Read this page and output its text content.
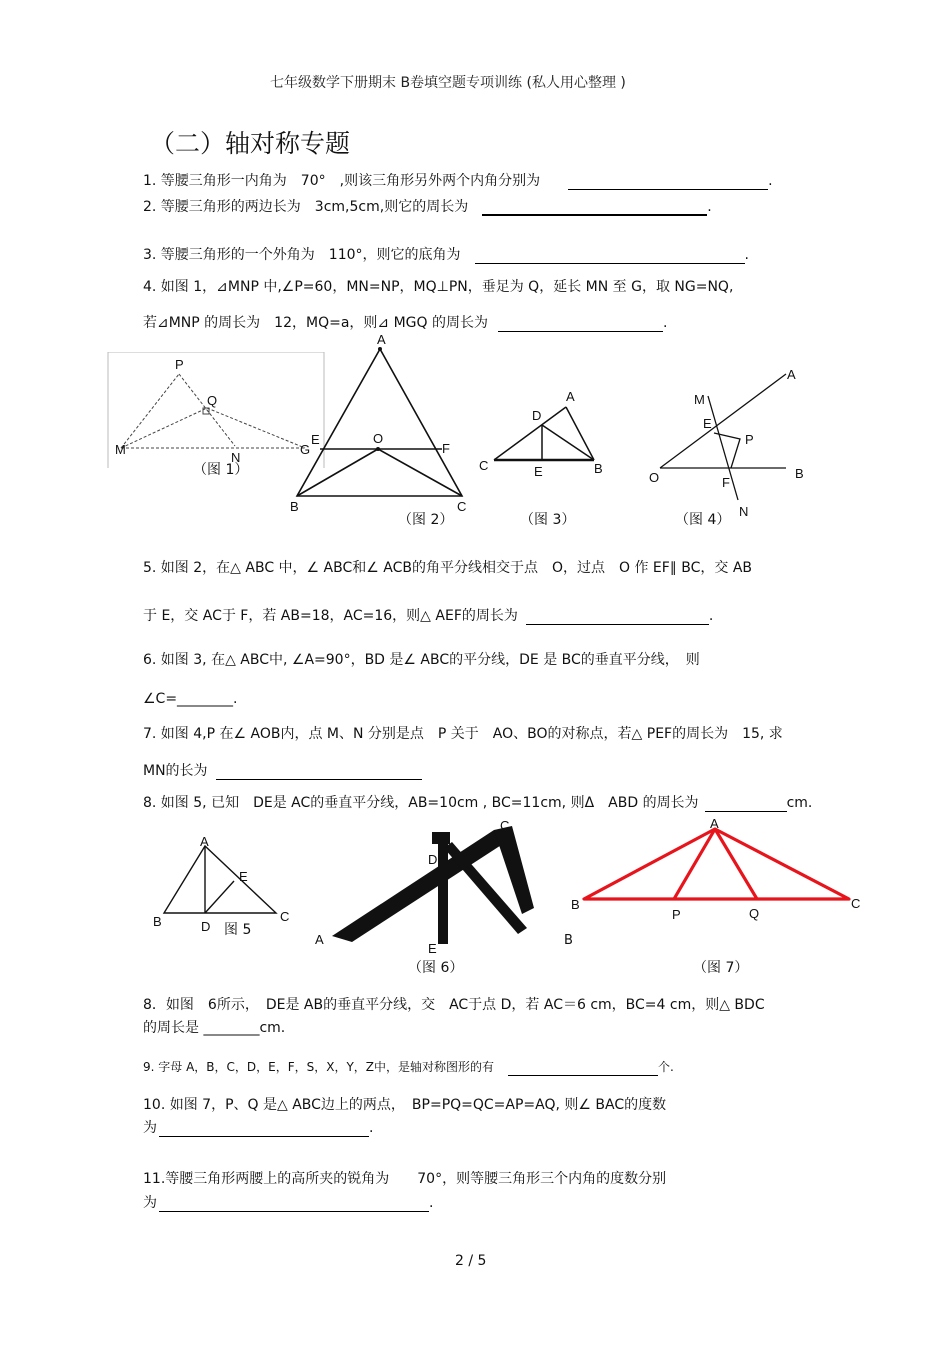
七年级数学下册期末 B卷填空题专项训练 (私人用心整理 )
（二）轴对称专题
1. 等腰三角形一内角为　70°　,则该三角形另外两个内角分别为	.
2. 等腰三角形的两边长为　3cm,5cm,则它的周长为	.
3. 等腰三角形的一个外角为　110°，则它的底角为	.
4. 如图 1，⊿MNP 中,∠P=60，MN=NP，MQ⊥PN，垂足为 Q，延长 MN 至 G，取 NG=NQ,
若⊿MNP 的周长为　12，MQ=a，则⊿ MGQ 的周长为	.
P
Q
M
N
G
（图 1）
A
E	O
F
B	C
（图 2）
A
D
C	E	B
（图 3）
A
M
E
P
O	F
B
N
（图 4）
5. 如图 2，在△ ABC 中，∠ ABC和∠ ACB的角平分线相交于点　O，过点　O 作 EF∥ BC，交 AB
于 E，交 AC于 F，若 AB=18，AC=16，则△ AEF的周长为	.
6. 如图 3, 在△ ABC中, ∠A=90°，BD 是∠ ABC的平分线，DE 是 BC的垂直平分线，　则
∠C=________.
7. 如图 4,P 在∠ AOB内，点 M、N 分别是点　P 关于　AO、BO的对称点，若△ PEF的周长为　15, 求
MN的长为
8. 如图 5, 已知　DE是 AC的垂直平分线，AB=10cm , BC=11cm, 则Δ　ABD 的周长为	cm.
A
E
B	D
C
图 5
C
D
A
E
B
（图 6）
A
B
P	Q
C
（图 7）
8．如图　6所示，　DE是 AB的垂直平分线，交　AC于点 D，若 AC＝6 cm，BC=4 cm，则△ BDC
的周长是 ________cm.
9. 字母 A，B，C，D，E，F，S，X，Y，Z中，是轴对称图形的有	个.
10. 如图 7，P、Q 是△ ABC边上的两点，　BP=PQ=QC=AP=AQ, 则∠ BAC的度数
为	.
11.等腰三角形两腰上的高所夹的锐角为　　70°，则等腰三角形三个内角的度数分别
为	.
2 / 5
